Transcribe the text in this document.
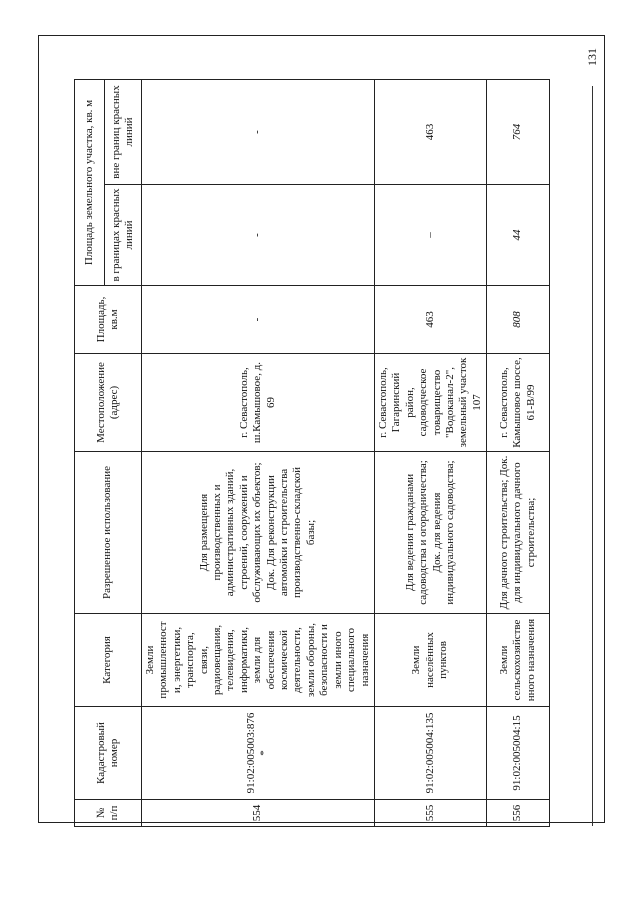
131
№ п/п	Кадастровый номер	Категория	Разрешенное использование	Местоположение (адрес)	Площадь, кв.м	Площадь земельного участка, кв. м	
						в границах красных линий	вне границ красных линий
554	91:02:005003:876*	Земли промышленност и, энергетики, транспорта, связи, радиовещания, телевидения, информатики, земли для обеспечения космической деятельности, земли обороны, безопасности и земли иного специального назначения	Для размещения производственных и административных зданий, строений, сооружений и обслуживающих их объектов; Док. Для реконструкции автомойки и строительства производственно-складской базы;	г. Севастополь, ш.Камышовое, д. 69	-	-	-
555	91:02:005004:135	Земли населённых пунктов	Для ведения гражданами садоводства и огородничества; Док. для ведения индивидуального садоводства;	г. Севастополь, Гагаринский район, садоводческое товарищество "Водоканал-2", земельный участок 107	463	–	463
556	91:02:005004:15	Земли сельскохозяйстве нного назначения	Для дачного строительства; Док. для индивидуального дачного строительства;	г. Севастополь, Камышовое шоссе, 61-В/99	808	44	764
